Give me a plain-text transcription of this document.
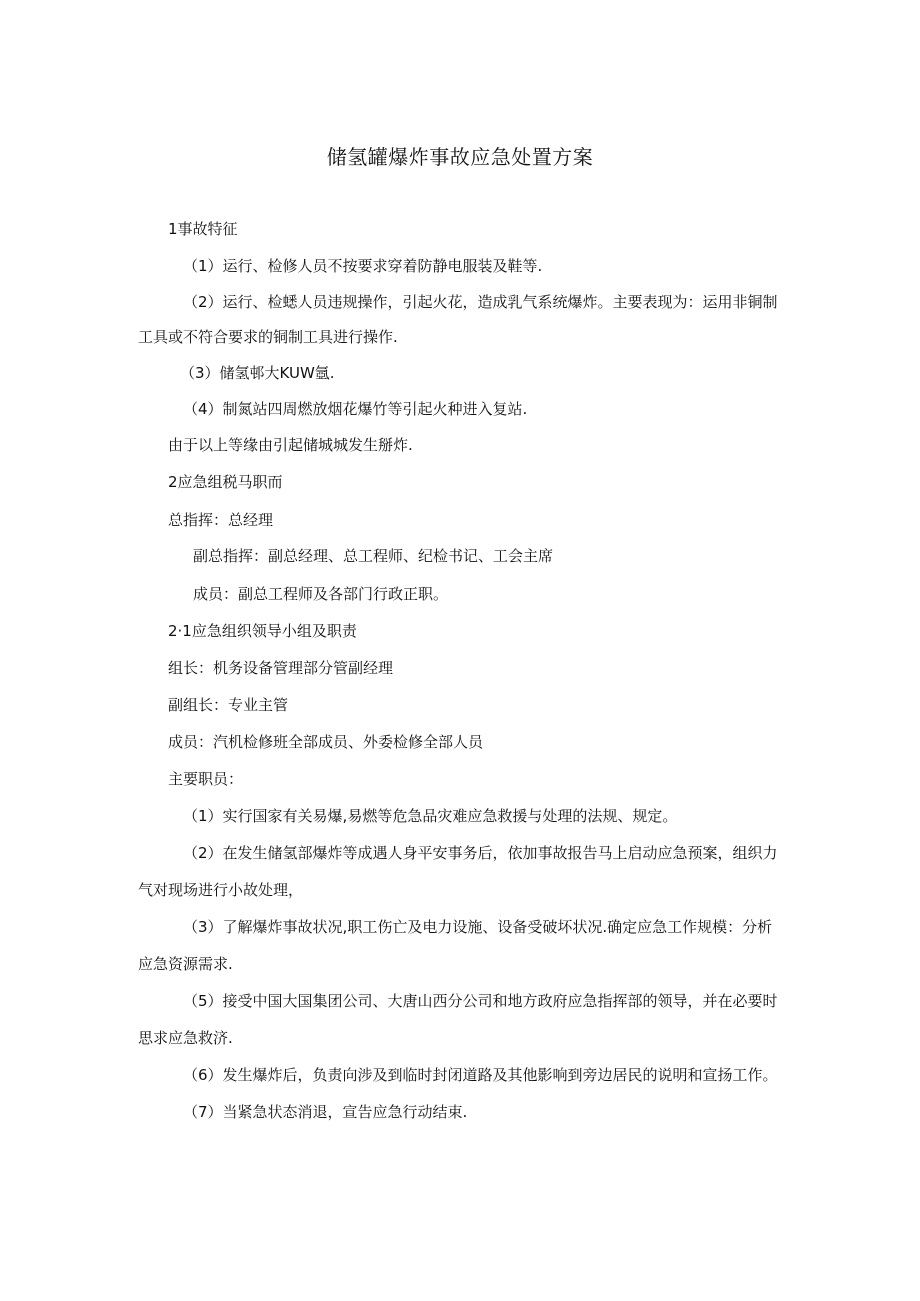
储氢罐爆炸事故应急处置方案
1事故特征
（1）运行、检修人员不按要求穿着防静电服装及鞋等.
（2）运行、检蟋人员违规操作，引起火花，造成乳气系统爆炸。主要表现为：运用非铜制
工具或不符合要求的铜制工具进行操作.
（3）储氢邨大KUW氬.
（4）制氮站四周燃放烟花爆竹等引起火种进入复站.
由于以上等缘由引起储城城发生掰炸.
2应急组税马职而
总指挥：总经理
副总指挥：副总经理、总工程师、纪检书记、工会主席
成员：副总工程师及各部门行政正职。
2·1应急组织领导小组及职责
组长：机务设备管理部分管副经理
副组长：专业主管
成员：汽机检修班全部成员、外委检修全部人员
主要职员：
（1）实行国家有关易爆,易燃等危急品灾难应急救援与处理的法规、规定。
（2）在发生储氢部爆炸等成遇人身平安事务后，依加事故报告马上启动应急预案，组织力
气对现场进行小故处理，
（3）了解爆炸事故状况,职工伤亡及电力设施、设备受破坏状况.确定应急工作规模：分析
应急资源需求.
（5）接受中国大国集团公司、大唐山西分公司和地方政府应急指挥部的领导，并在必要时
思求应急救济.
（6）发生爆炸后，负责向涉及到临时封闭道路及其他影响到旁边居民的说明和宣扬工作。
（7）当紧急状态消退，宣告应急行动结束.
